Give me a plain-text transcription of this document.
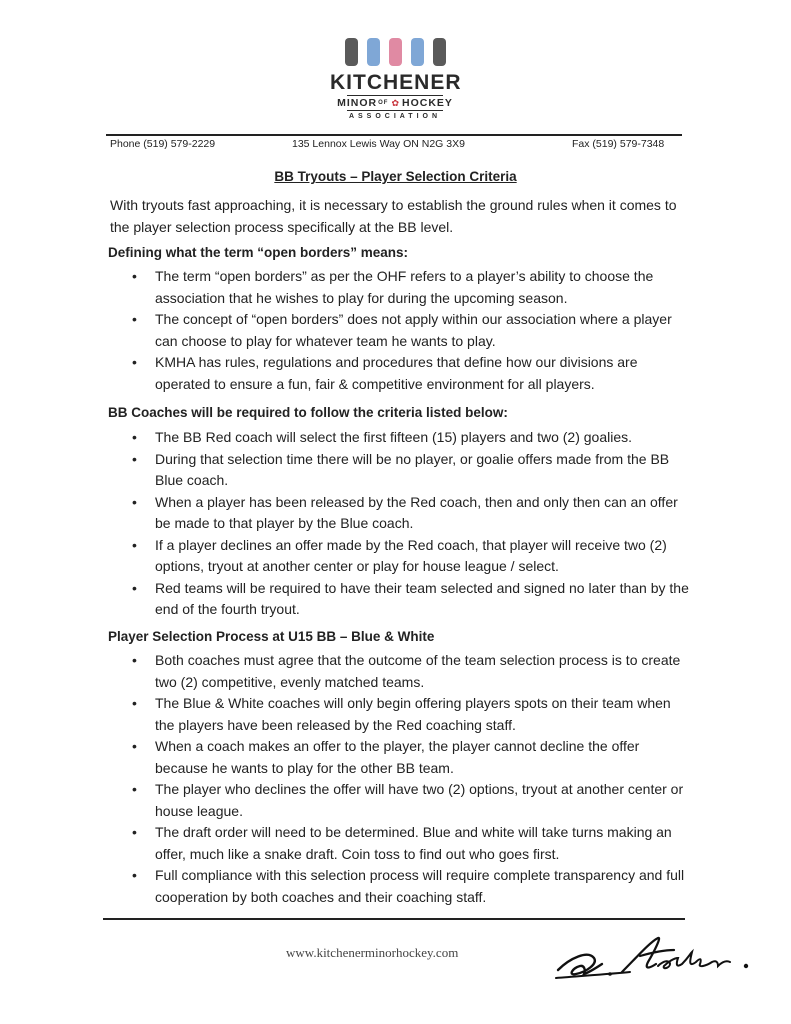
KITCHENER
MINOR OF ✿ HOCKEY
ASSOCIATION
Phone (519) 579-2229	135 Lennox Lewis Way ON N2G 3X9	Fax (519) 579-7348
BB Tryouts – Player Selection Criteria
With tryouts fast approaching, it is necessary to establish the ground rules when it comes to the player selection process specifically at the BB level.
Defining what the term “open borders” means:
• The term “open borders” as per the OHF refers to a player’s ability to choose the association that he wishes to play for during the upcoming season.
• The concept of “open borders” does not apply within our association where a player can choose to play for whatever team he wants to play.
• KMHA has rules, regulations and procedures that define how our divisions are operated to ensure a fun, fair & competitive environment for all players.
BB Coaches will be required to follow the criteria listed below:
• The BB Red coach will select the first fifteen (15) players and two (2) goalies.
• During that selection time there will be no player, or goalie offers made from the BB Blue coach.
• When a player has been released by the Red coach, then and only then can an offer be made to that player by the Blue coach.
• If a player declines an offer made by the Red coach, that player will receive two (2) options, tryout at another center or play for house league / select.
• Red teams will be required to have their team selected and signed no later than by the end of the fourth tryout.
Player Selection Process at U15 BB – Blue & White
• Both coaches must agree that the outcome of the team selection process is to create two (2) competitive, evenly matched teams.
• The Blue & White coaches will only begin offering players spots on their team when the players have been released by the Red coaching staff.
• When a coach makes an offer to the player, the player cannot decline the offer because he wants to play for the other BB team.
• The player who declines the offer will have two (2) options, tryout at another center or house league.
• The draft order will need to be determined. Blue and white will take turns making an offer, much like a snake draft. Coin toss to find out who goes first.
• Full compliance with this selection process will require complete transparency and full cooperation by both coaches and their coaching staff.
www.kitchenerminorhockey.com
